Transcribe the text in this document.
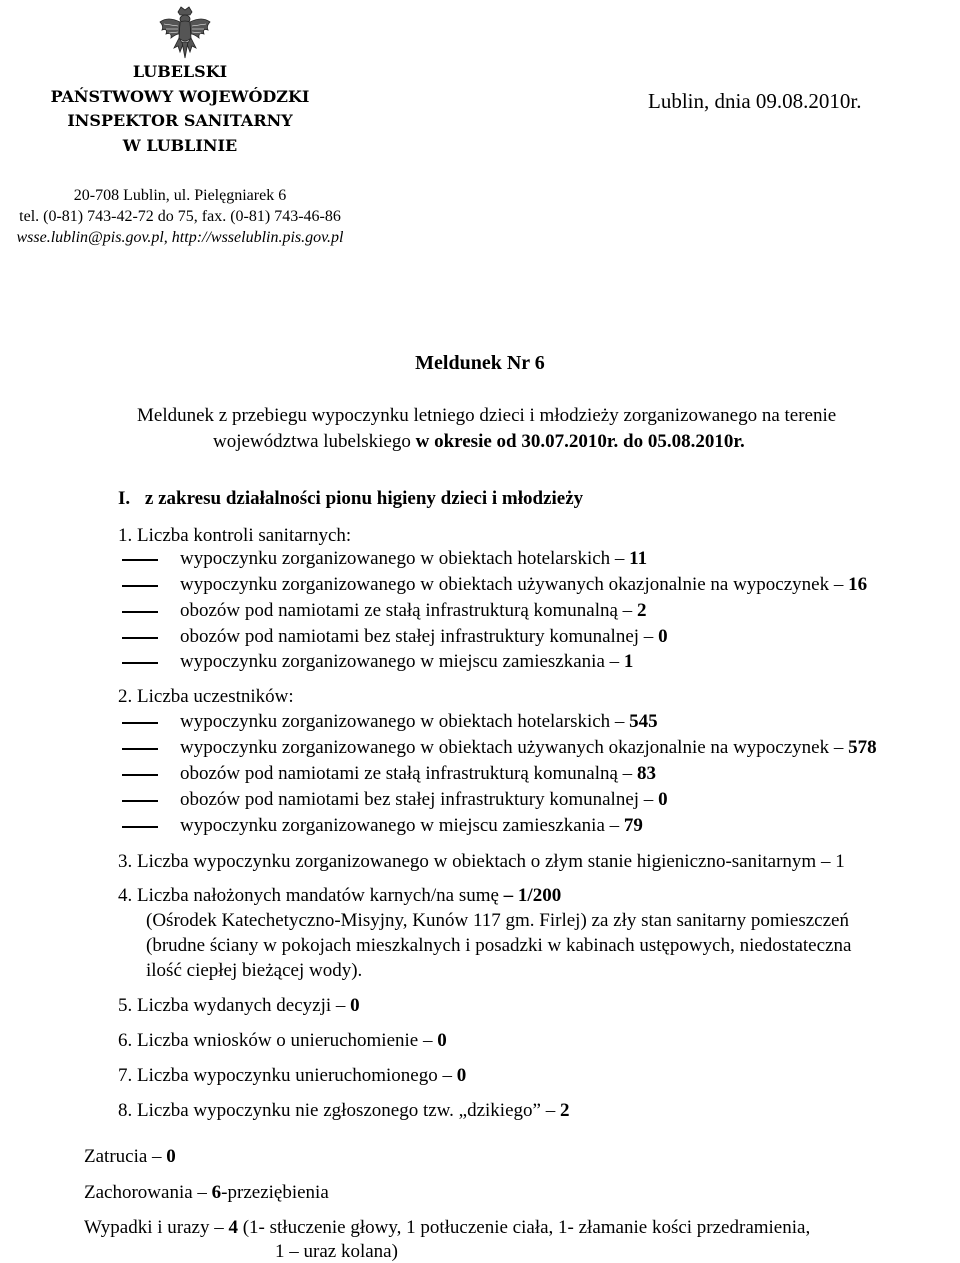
LUBELSKI
PAŃSTWOWY WOJEWÓDZKI
INSPEKTOR SANITARNY
W LUBLINIE
Lublin, dnia 09.08.2010r.
20-708 Lublin, ul. Pielęgniarek 6
tel. (0-81) 743-42-72 do 75, fax. (0-81) 743-46-86
wsse.lublin@pis.gov.pl, http://wsselublin.pis.gov.pl
Meldunek Nr 6
Meldunek z przebiegu wypoczynku letniego dzieci i młodzieży zorganizowanego na terenie
województwa lubelskiego w okresie od 30.07.2010r. do 05.08.2010r.
I. z zakresu działalności pionu higieny dzieci i młodzieży
1. Liczba kontroli sanitarnych:
wypoczynku zorganizowanego w obiektach hotelarskich – 11
wypoczynku zorganizowanego w obiektach używanych okazjonalnie na wypoczynek – 16
obozów pod namiotami ze stałą infrastrukturą komunalną – 2
obozów pod namiotami bez stałej infrastruktury komunalnej – 0
wypoczynku zorganizowanego w miejscu zamieszkania – 1
2. Liczba uczestników:
wypoczynku zorganizowanego w obiektach hotelarskich – 545
wypoczynku zorganizowanego w obiektach używanych okazjonalnie na wypoczynek – 578
obozów pod namiotami ze stałą infrastrukturą komunalną – 83
obozów pod namiotami bez stałej infrastruktury komunalnej – 0
wypoczynku zorganizowanego w miejscu zamieszkania – 79
3. Liczba wypoczynku zorganizowanego w obiektach o złym stanie higieniczno-sanitarnym – 1
4. Liczba nałożonych mandatów karnych/na sumę – 1/200
(Ośrodek Katechetyczno-Misyjny, Kunów 117 gm. Firlej) za zły stan sanitarny pomieszczeń
(brudne ściany w pokojach mieszkalnych i posadzki w kabinach ustępowych, niedostateczna
ilość ciepłej bieżącej wody).
5. Liczba wydanych decyzji – 0
6. Liczba wniosków o unieruchomienie – 0
7. Liczba wypoczynku unieruchomionego – 0
8. Liczba wypoczynku nie zgłoszonego tzw. „dzikiego” – 2
Zatrucia – 0
Zachorowania – 6-przeziębienia
Wypadki i urazy – 4 (1- stłuczenie głowy, 1 potłuczenie ciała, 1- złamanie kości przedramienia,
1 – uraz kolana)
